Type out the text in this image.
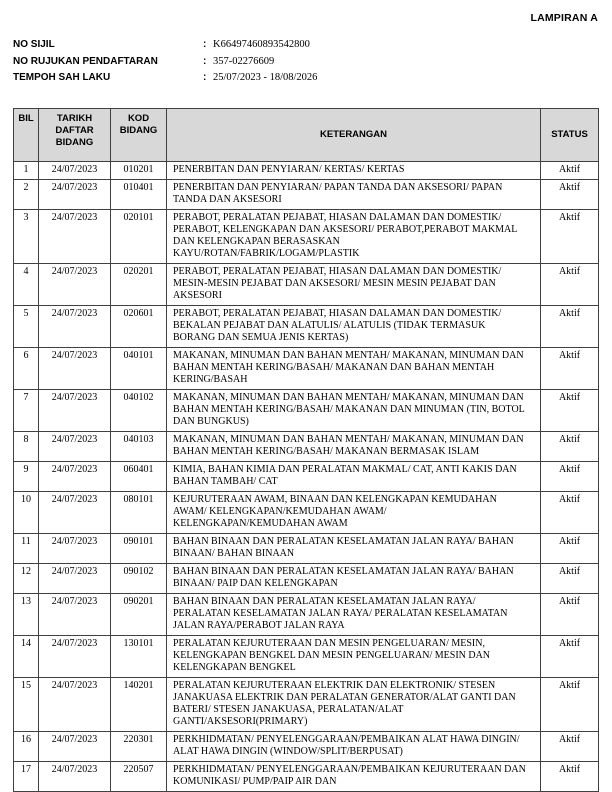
LAMPIRAN A
NO SIJIL	: K66497460893542800
NO RUJUKAN PENDAFTARAN	: 357-02276609
TEMPOH SAH LAKU	: 25/07/2023 - 18/08/2026
BIL	TARIKH DAFTAR BIDANG	KOD BIDANG	KETERANGAN	STATUS
1	24/07/2023	010201	PENERBITAN DAN PENYIARAN/ KERTAS/ KERTAS	Aktif
2	24/07/2023	010401	PENERBITAN DAN PENYIARAN/ PAPAN TANDA DAN AKSESORI/ PAPAN TANDA DAN AKSESORI	Aktif
3	24/07/2023	020101	PERABOT, PERALATAN PEJABAT, HIASAN DALAMAN DAN DOMESTIK/ PERABOT, KELENGKAPAN DAN AKSESORI/ PERABOT,PERABOT MAKMAL DAN KELENGKAPAN BERASASKAN KAYU/ROTAN/FABRIK/LOGAM/PLASTIK	Aktif
4	24/07/2023	020201	PERABOT, PERALATAN PEJABAT, HIASAN DALAMAN DAN DOMESTIK/ MESIN-MESIN PEJABAT DAN AKSESORI/ MESIN MESIN PEJABAT DAN AKSESORI	Aktif
5	24/07/2023	020601	PERABOT, PERALATAN PEJABAT, HIASAN DALAMAN DAN DOMESTIK/ BEKALAN PEJABAT DAN ALATULIS/ ALATULIS (TIDAK TERMASUK BORANG DAN SEMUA JENIS KERTAS)	Aktif
6	24/07/2023	040101	MAKANAN, MINUMAN DAN BAHAN MENTAH/ MAKANAN, MINUMAN DAN BAHAN MENTAH KERING/BASAH/ MAKANAN DAN BAHAN MENTAH KERING/BASAH	Aktif
7	24/07/2023	040102	MAKANAN, MINUMAN DAN BAHAN MENTAH/ MAKANAN, MINUMAN DAN BAHAN MENTAH KERING/BASAH/ MAKANAN DAN MINUMAN (TIN, BOTOL DAN BUNGKUS)	Aktif
8	24/07/2023	040103	MAKANAN, MINUMAN DAN BAHAN MENTAH/ MAKANAN, MINUMAN DAN BAHAN MENTAH KERING/BASAH/ MAKANAN BERMASAK ISLAM	Aktif
9	24/07/2023	060401	KIMIA, BAHAN KIMIA DAN PERALATAN MAKMAL/ CAT, ANTI KAKIS DAN BAHAN TAMBAH/ CAT	Aktif
10	24/07/2023	080101	KEJURUTERAAN AWAM, BINAAN DAN KELENGKAPAN KEMUDAHAN AWAM/ KELENGKAPAN/KEMUDAHAN AWAM/ KELENGKAPAN/KEMUDAHAN AWAM	Aktif
11	24/07/2023	090101	BAHAN BINAAN DAN PERALATAN KESELAMATAN JALAN RAYA/ BAHAN BINAAN/ BAHAN BINAAN	Aktif
12	24/07/2023	090102	BAHAN BINAAN DAN PERALATAN KESELAMATAN JALAN RAYA/ BAHAN BINAAN/ PAIP DAN KELENGKAPAN	Aktif
13	24/07/2023	090201	BAHAN BINAAN DAN PERALATAN KESELAMATAN JALAN RAYA/ PERALATAN KESELAMATAN JALAN RAYA/ PERALATAN KESELAMATAN JALAN RAYA/PERABOT JALAN RAYA	Aktif
14	24/07/2023	130101	PERALATAN KEJURUTERAAN DAN MESIN PENGELUARAN/ MESIN, KELENGKAPAN BENGKEL DAN MESIN PENGELUARAN/ MESIN DAN KELENGKAPAN BENGKEL	Aktif
15	24/07/2023	140201	PERALATAN KEJURUTERAAN ELEKTRIK DAN ELEKTRONIK/ STESEN JANAKUASA ELEKTRIK DAN PERALATAN GENERATOR/ALAT GANTI DAN BATERI/ STESEN JANAKUASA, PERALATAN/ALAT GANTI/AKSESORI(PRIMARY)	Aktif
16	24/07/2023	220301	PERKHIDMATAN/ PENYELENGGARAAN/PEMBAIKAN ALAT HAWA DINGIN/ ALAT HAWA DINGIN (WINDOW/SPLIT/BERPUSAT)	Aktif
17	24/07/2023	220507	PERKHIDMATAN/ PENYELENGGARAAN/PEMBAIKAN KEJURUTERAAN DAN KOMUNIKASI/ PUMP/PAIP AIR DAN	Aktif
